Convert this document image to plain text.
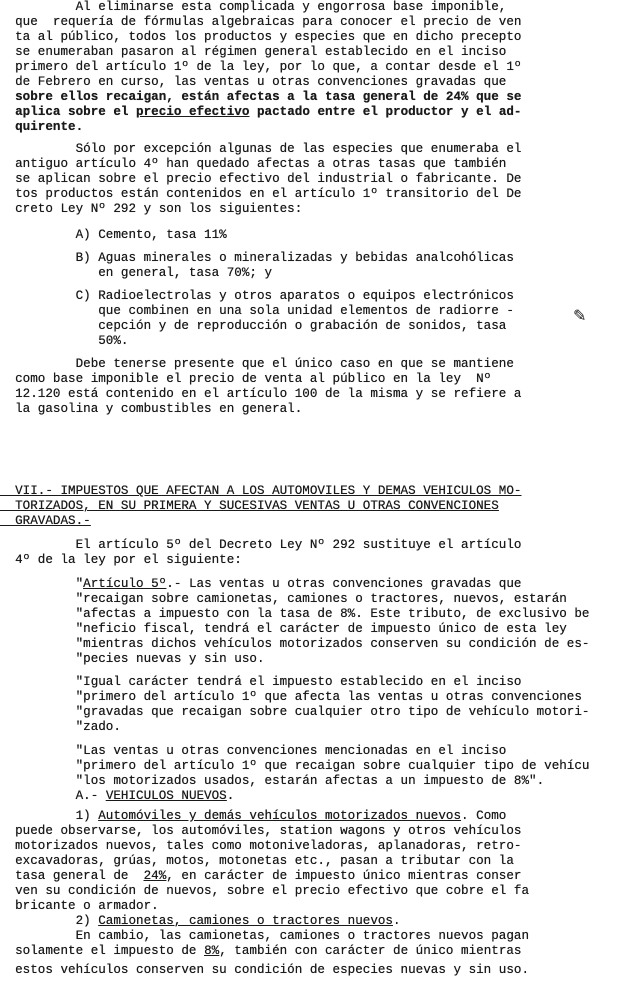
Al eliminarse esta complicada y engorrosa base imponible,
que  requería de fórmulas algebraicas para conocer el precio de ven
ta al público, todos los productos y especies que en dicho precepto
se enumeraban pasaron al régimen general establecido en el inciso
primero del artículo 1º de la ley, por lo que, a contar desde el 1º
de Febrero en curso, las ventas u otras convenciones gravadas que
sobre ellos recaigan, están afectas a la tasa general de 24% que se
aplica sobre el precio efectivo pactado entre el productor y el ad-
quirente.
Sólo por excepción algunas de las especies que enumeraba el
antiguo artículo 4º han quedado afectas a otras tasas que también
se aplican sobre el precio efectivo del industrial o fabricante. De
tos productos están contenidos en el artículo 1º transitorio del De
creto Ley Nº 292 y son los siguientes:
A) Cemento, tasa 11%
B) Aguas minerales o mineralizadas y bebidas analcohólicas
en general, tasa 70%; y
C) Radioelectrolas y otros aparatos o equipos electrónicos
que combinen en una sola unidad elementos de radiorre -
cepción y de reproducción o grabación de sonidos, tasa
50%.
Debe tenerse presente que el único caso en que se mantiene
como base imponible el precio de venta al público en la ley  Nº
12.120 está contenido en el artículo 100 de la misma y se refiere a
la gasolina y combustibles en general.
VII.- IMPUESTOS QUE AFECTAN A LOS AUTOMOVILES Y DEMAS VEHICULOS MO-
TORIZADOS, EN SU PRIMERA Y SUCESIVAS VENTAS U OTRAS CONVENCIONES
GRAVADAS.-
El artículo 5º del Decreto Ley Nº 292 sustituye el artículo
4º de la ley por el siguiente:
"Artículo 5º.- Las ventas u otras convenciones gravadas que
"recaigan sobre camionetas, camiones o tractores, nuevos, estarán
"afectas a impuesto con la tasa de 8%. Este tributo, de exclusivo be
"neficio fiscal, tendrá el carácter de impuesto único de esta ley
"mientras dichos vehículos motorizados conserven su condición de es-
"pecies nuevas y sin uso.
"Igual carácter tendrá el impuesto establecido en el inciso
"primero del artículo 1º que afecta las ventas u otras convenciones
"gravadas que recaigan sobre cualquier otro tipo de vehículo motori-
"zado.
"Las ventas u otras convenciones mencionadas en el inciso
"primero del artículo 1º que recaigan sobre cualquier tipo de vehícu
"los motorizados usados, estarán afectas a un impuesto de 8%".
A.- VEHICULOS NUEVOS.
1) Automóviles y demás vehículos motorizados nuevos. Como
puede observarse, los automóviles, station wagons y otros vehículos
motorizados nuevos, tales como motoniveladoras, aplanadoras, retro-
excavadoras, grúas, motos, motonetas etc., pasan a tributar con la
tasa general de  24%, en carácter de impuesto único mientras conser
ven su condición de nuevos, sobre el precio efectivo que cobre el fa
bricante o armador.
2) Camionetas, camiones o tractores nuevos.
En cambio, las camionetas, camiones o tractores nuevos pagan
solamente el impuesto de 8%, también con carácter de único mientras
estos vehículos conserven su condición de especies nuevas y sin uso.
✎
